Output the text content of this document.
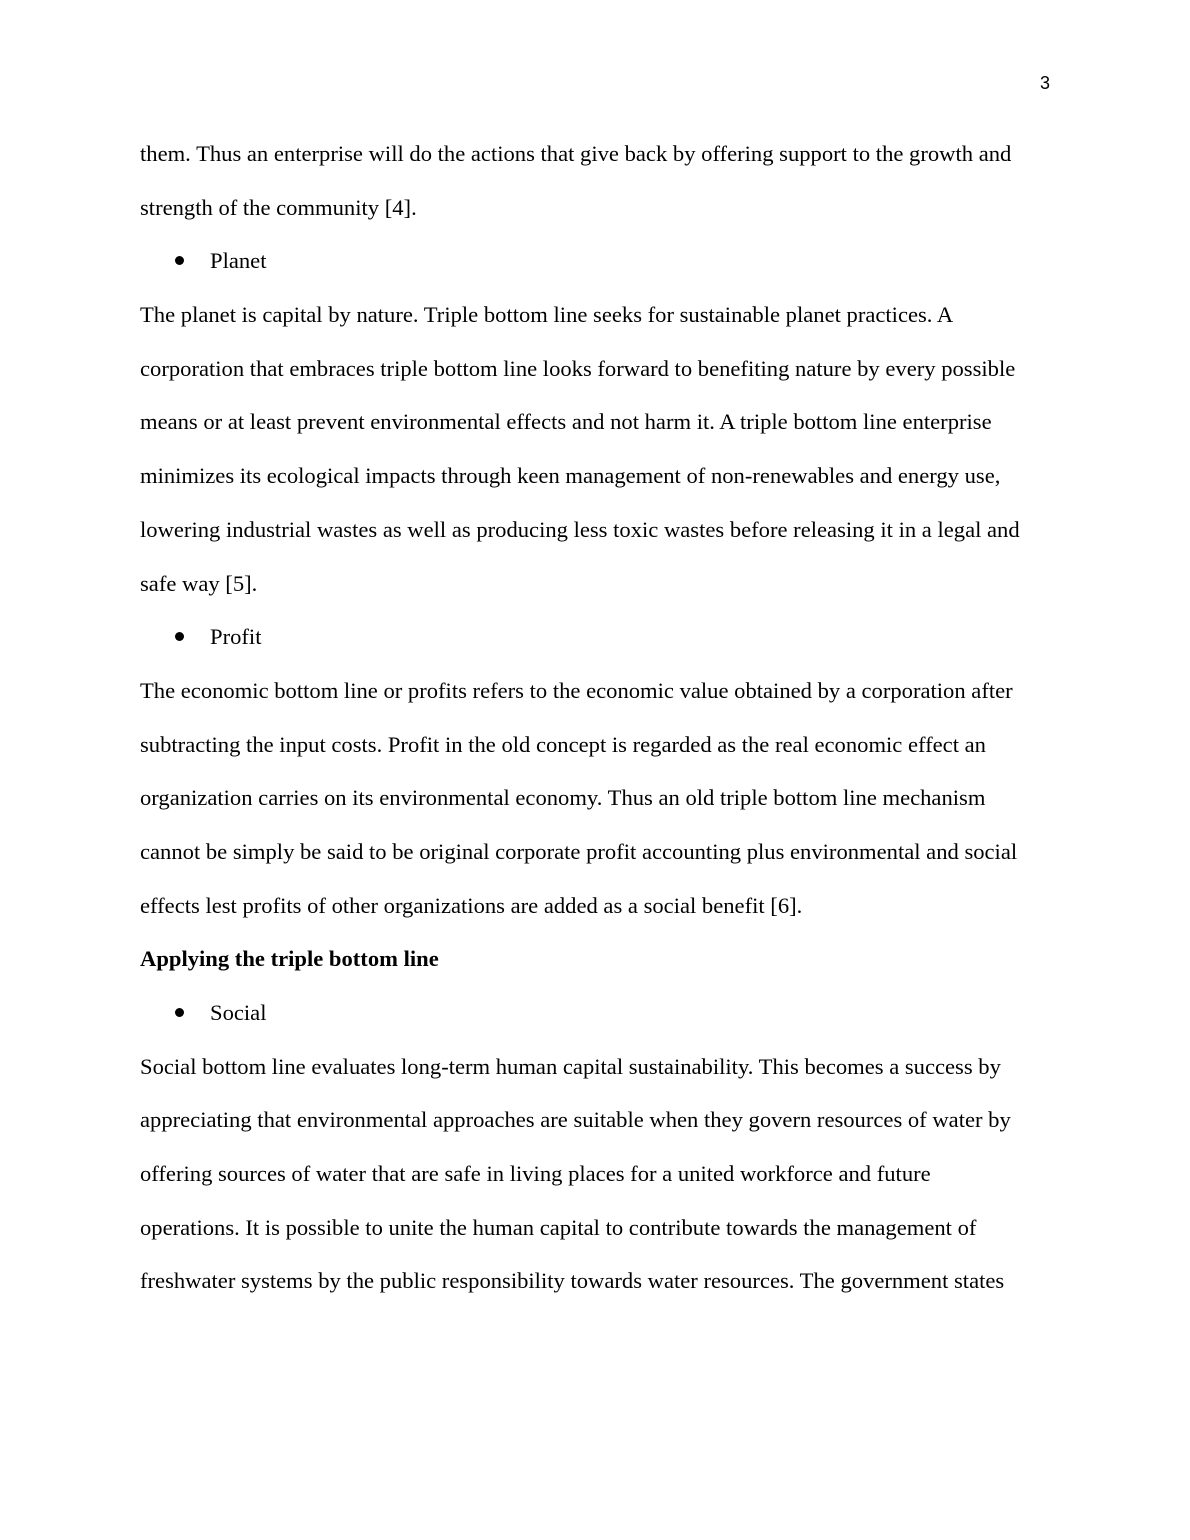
3
them. Thus an enterprise will do the actions that give back by offering support to the growth and
strength of the community [4].
Planet
The planet is capital by nature. Triple bottom line seeks for sustainable planet practices. A
corporation that embraces triple bottom line looks forward to benefiting nature by every possible
means or at least prevent environmental effects and not harm it. A triple bottom line enterprise
minimizes its ecological impacts through keen management of non-renewables and energy use,
lowering industrial wastes as well as producing less toxic wastes before releasing it in a legal and
safe way [5].
Profit
The economic bottom line or profits refers to the economic value obtained by a corporation after
subtracting the input costs. Profit in the old concept is regarded as the real economic effect an
organization carries on its environmental economy. Thus an old triple bottom line mechanism
cannot be simply be said to be original corporate profit accounting plus environmental and social
effects lest profits of other organizations are added as a social benefit [6].
Applying the triple bottom line
Social
Social bottom line evaluates long-term human capital sustainability. This becomes a success by
appreciating that environmental approaches are suitable when they govern resources of water by
offering sources of water that are safe in living places for a united workforce and future
operations. It is possible to unite the human capital to contribute towards the management of
freshwater systems by the public responsibility towards water resources. The government states
